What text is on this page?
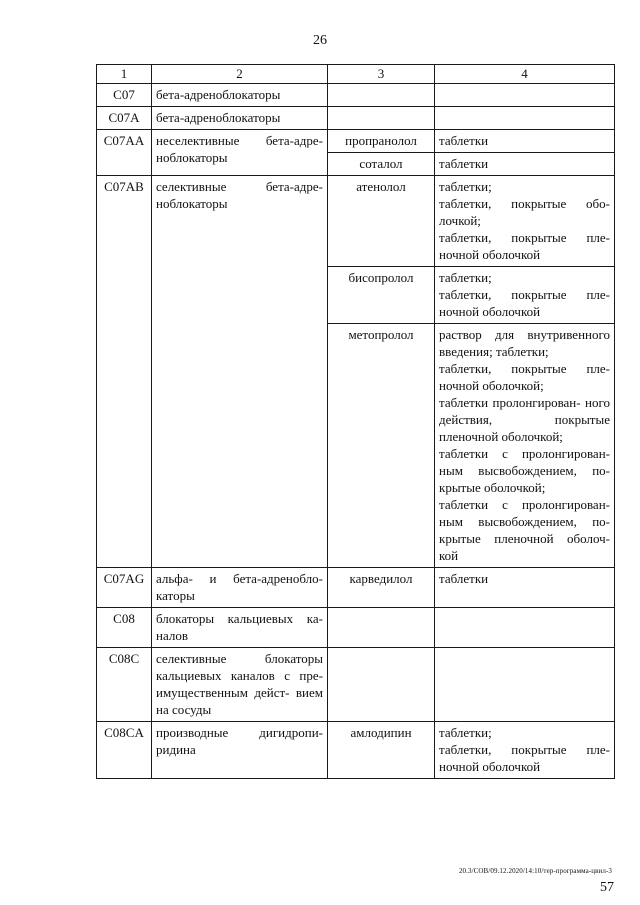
26
1	2	3	4
C07	бета-адреноблокаторы		
C07A	бета-адреноблокаторы		
C07AA	неселективные бета-адре- ноблокаторы	пропранолол	таблетки

		соталол	таблетки

C07AB	селективные бета-адре- ноблокаторы	атенолол	таблетки;
таблетки, покрытые обо- лочкой;
таблетки, покрытые пле- ночной оболочкой

		бисопролол	таблетки;
таблетки, покрытые пле- ночной оболочкой

		метопролол	раствор для внутривенного введения; таблетки;
таблетки, покрытые пле- ночной оболочкой;
таблетки пролонгирован- ного действия, покрытые пленочной оболочкой;
таблетки с пролонгирован- ным высвобождением, по- крытые оболочкой;
таблетки с пролонгирован- ным высвобождением, по- крытые пленочной оболоч- кой

C07AG	альфа- и бета-адренобло- каторы	карведилол	таблетки

C08	блокаторы кальциевых ка- налов		
C08C	селективные блокаторы кальциевых каналов с пре- имущественным дейст- вием на сосуды		
C08CA	производные дигидропи- ридина	амлодипин	таблетки;
таблетки, покрытые пле- ночной оболочкой
20.3/СОВ/09.12.2020/14:10/тер-программа-цвил-3
57
